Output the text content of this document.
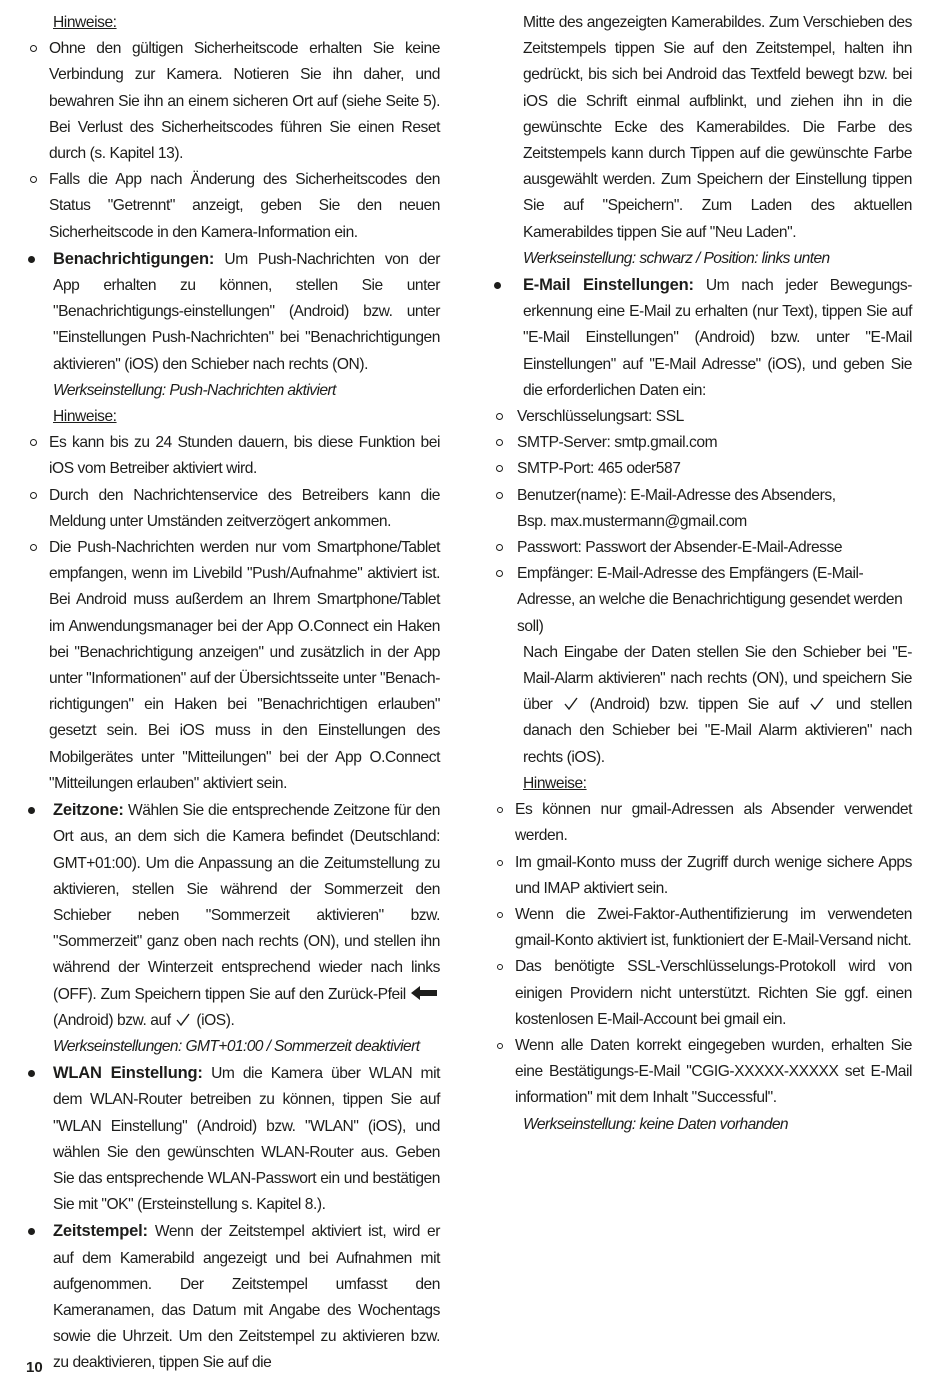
Hinweise:

Ohne den gültigen Sicherheitscode erhalten Sie keine Verbindung zur Kamera. Notieren Sie ihn daher, und bewahren Sie ihn an einem sicheren Ort auf (siehe Seite 5). Bei Verlust des Sicherheitscodes führen Sie einen Reset durch (s. Kapitel 13).

Falls die App nach Änderung des Sicherheitscodes den Status "Getrennt" anzeigt, geben Sie den neuen Sicherheitscode in den Kamera-Information ein.

Benachrichtigungen: Um Push-Nachrichten von der App erhalten zu können, stellen Sie unter "Benachrichtigungs-einstellungen" (Android) bzw. unter "Einstellungen Push-Nachrichten" bei "Benachrichtigungen aktivieren" (iOS) den Schieber nach rechts (ON).

Werkseinstellung: Push-Nachrichten aktiviert

Hinweise:

Es kann bis zu 24 Stunden dauern, bis diese Funktion bei iOS vom Betreiber aktiviert wird.

Durch den Nachrichtenservice des Betreibers kann die Meldung unter Umständen zeitverzögert ankommen.

Die Push-Nachrichten werden nur vom Smartphone/Tablet empfangen, wenn im Livebild "Push/Aufnahme" aktiviert ist. Bei Android muss außerdem an Ihrem Smartphone/Tablet im Anwendungsmanager bei der App O.Connect ein Haken bei "Benachrichtigung anzeigen" und zusätzlich in der App unter "Informationen" auf der Übersichtsseite unter "Benach-richtigungen" ein Haken bei "Benachrichtigen erlauben" gesetzt sein. Bei iOS muss in den Einstellungen des Mobilgerätes unter "Mitteilungen" bei der App O.Connect "Mitteilungen erlauben" aktiviert sein.

Zeitzone: Wählen Sie die entsprechende Zeitzone für den Ort aus, an dem sich die Kamera befindet (Deutschland: GMT+01:00). Um die Anpassung an die Zeitumstellung zu aktivieren, stellen Sie während der Sommerzeit den Schieber neben "Sommerzeit aktivieren" bzw. "Sommerzeit" ganz oben nach rechts (ON), und stellen ihn während der Winterzeit entsprechend wieder nach links (OFF). Zum Speichern tippen Sie auf den Zurück-Pfeil  (Android) bzw. auf (iOS).

Werkseinstellungen: GMT+01:00 / Sommerzeit deaktiviert

WLAN Einstellung: Um die Kamera über WLAN mit dem WLAN-Router betreiben zu können, tippen Sie auf "WLAN Einstellung" (Android) bzw. "WLAN" (iOS), und wählen Sie den gewünschten WLAN-Router aus. Geben Sie das entsprechende WLAN-Passwort ein und bestätigen Sie mit "OK" (Ersteinstellung s. Kapitel 8.).

Zeitstempel: Wenn der Zeitstempel aktiviert ist, wird er auf dem Kamerabild angezeigt und bei Aufnahmen mit aufgenommen. Der Zeitstempel umfasst den Kameranamen, das Datum mit Angabe des Wochentags sowie die Uhrzeit. Um den Zeitstempel zu aktivieren bzw. zu deaktivieren, tippen Sie auf die

Mitte des angezeigten Kamerabildes. Zum Verschieben des Zeitstempels tippen Sie auf den Zeitstempel, halten ihn gedrückt, bis sich bei Android das Textfeld bewegt bzw. bei iOS die Schrift einmal aufblinkt, und ziehen ihn in die gewünschte Ecke des Kamerabildes. Die Farbe des Zeitstempels kann durch Tippen auf die gewünschte Farbe ausgewählt werden. Zum Speichern der Einstellung tippen Sie auf "Speichern". Zum Laden des aktuellen Kamerabildes tippen Sie auf "Neu Laden".

Werkseinstellung: schwarz / Position: links unten

E-Mail Einstellungen: Um nach jeder Bewegungs-erkennung eine E-Mail zu erhalten (nur Text), tippen Sie auf "E-Mail Einstellungen" (Android) bzw. unter "E-Mail Einstellungen" auf "E-Mail Adresse" (iOS), und geben Sie die erforderlichen Daten ein:

Verschlüsselungsart: SSL

SMTP-Server: smtp.gmail.com

SMTP-Port: 465 oder587

Benutzer(name): E-Mail-Adresse des Absenders,

Bsp. max.mustermann@gmail.com

Passwort: Passwort der Absender-E-Mail-Adresse

Empfänger: E-Mail-Adresse des Empfängers (E-Mail-Adresse, an welche die Benachrichtigung gesendet werden soll)

Nach Eingabe der Daten stellen Sie den Schieber bei "E-Mail-Alarm aktivieren" nach rechts (ON), und speichern Sie über (Android) bzw. tippen Sie auf und stellen danach den Schieber bei "E-Mail Alarm aktivieren" nach rechts (iOS).

Hinweise:

Es können nur gmail-Adressen als Absender verwendet werden.

Im gmail-Konto muss der Zugriff durch wenige sichere Apps und IMAP aktiviert sein.

Wenn die Zwei-Faktor-Authentifizierung im verwendeten gmail-Konto aktiviert ist, funktioniert der E-Mail-Versand nicht.

Das benötigte SSL-Verschlüsselungs-Protokoll wird von einigen Providern nicht unterstützt. Richten Sie ggf. einen kostenlosen E-Mail-Account bei gmail ein.

Wenn alle Daten korrekt eingegeben wurden, erhalten Sie eine Bestätigungs-E-Mail "CGIG-XXXXX-XXXXX set E-Mail information" mit dem Inhalt "Successful".

Werkseinstellung: keine Daten vorhanden

10
